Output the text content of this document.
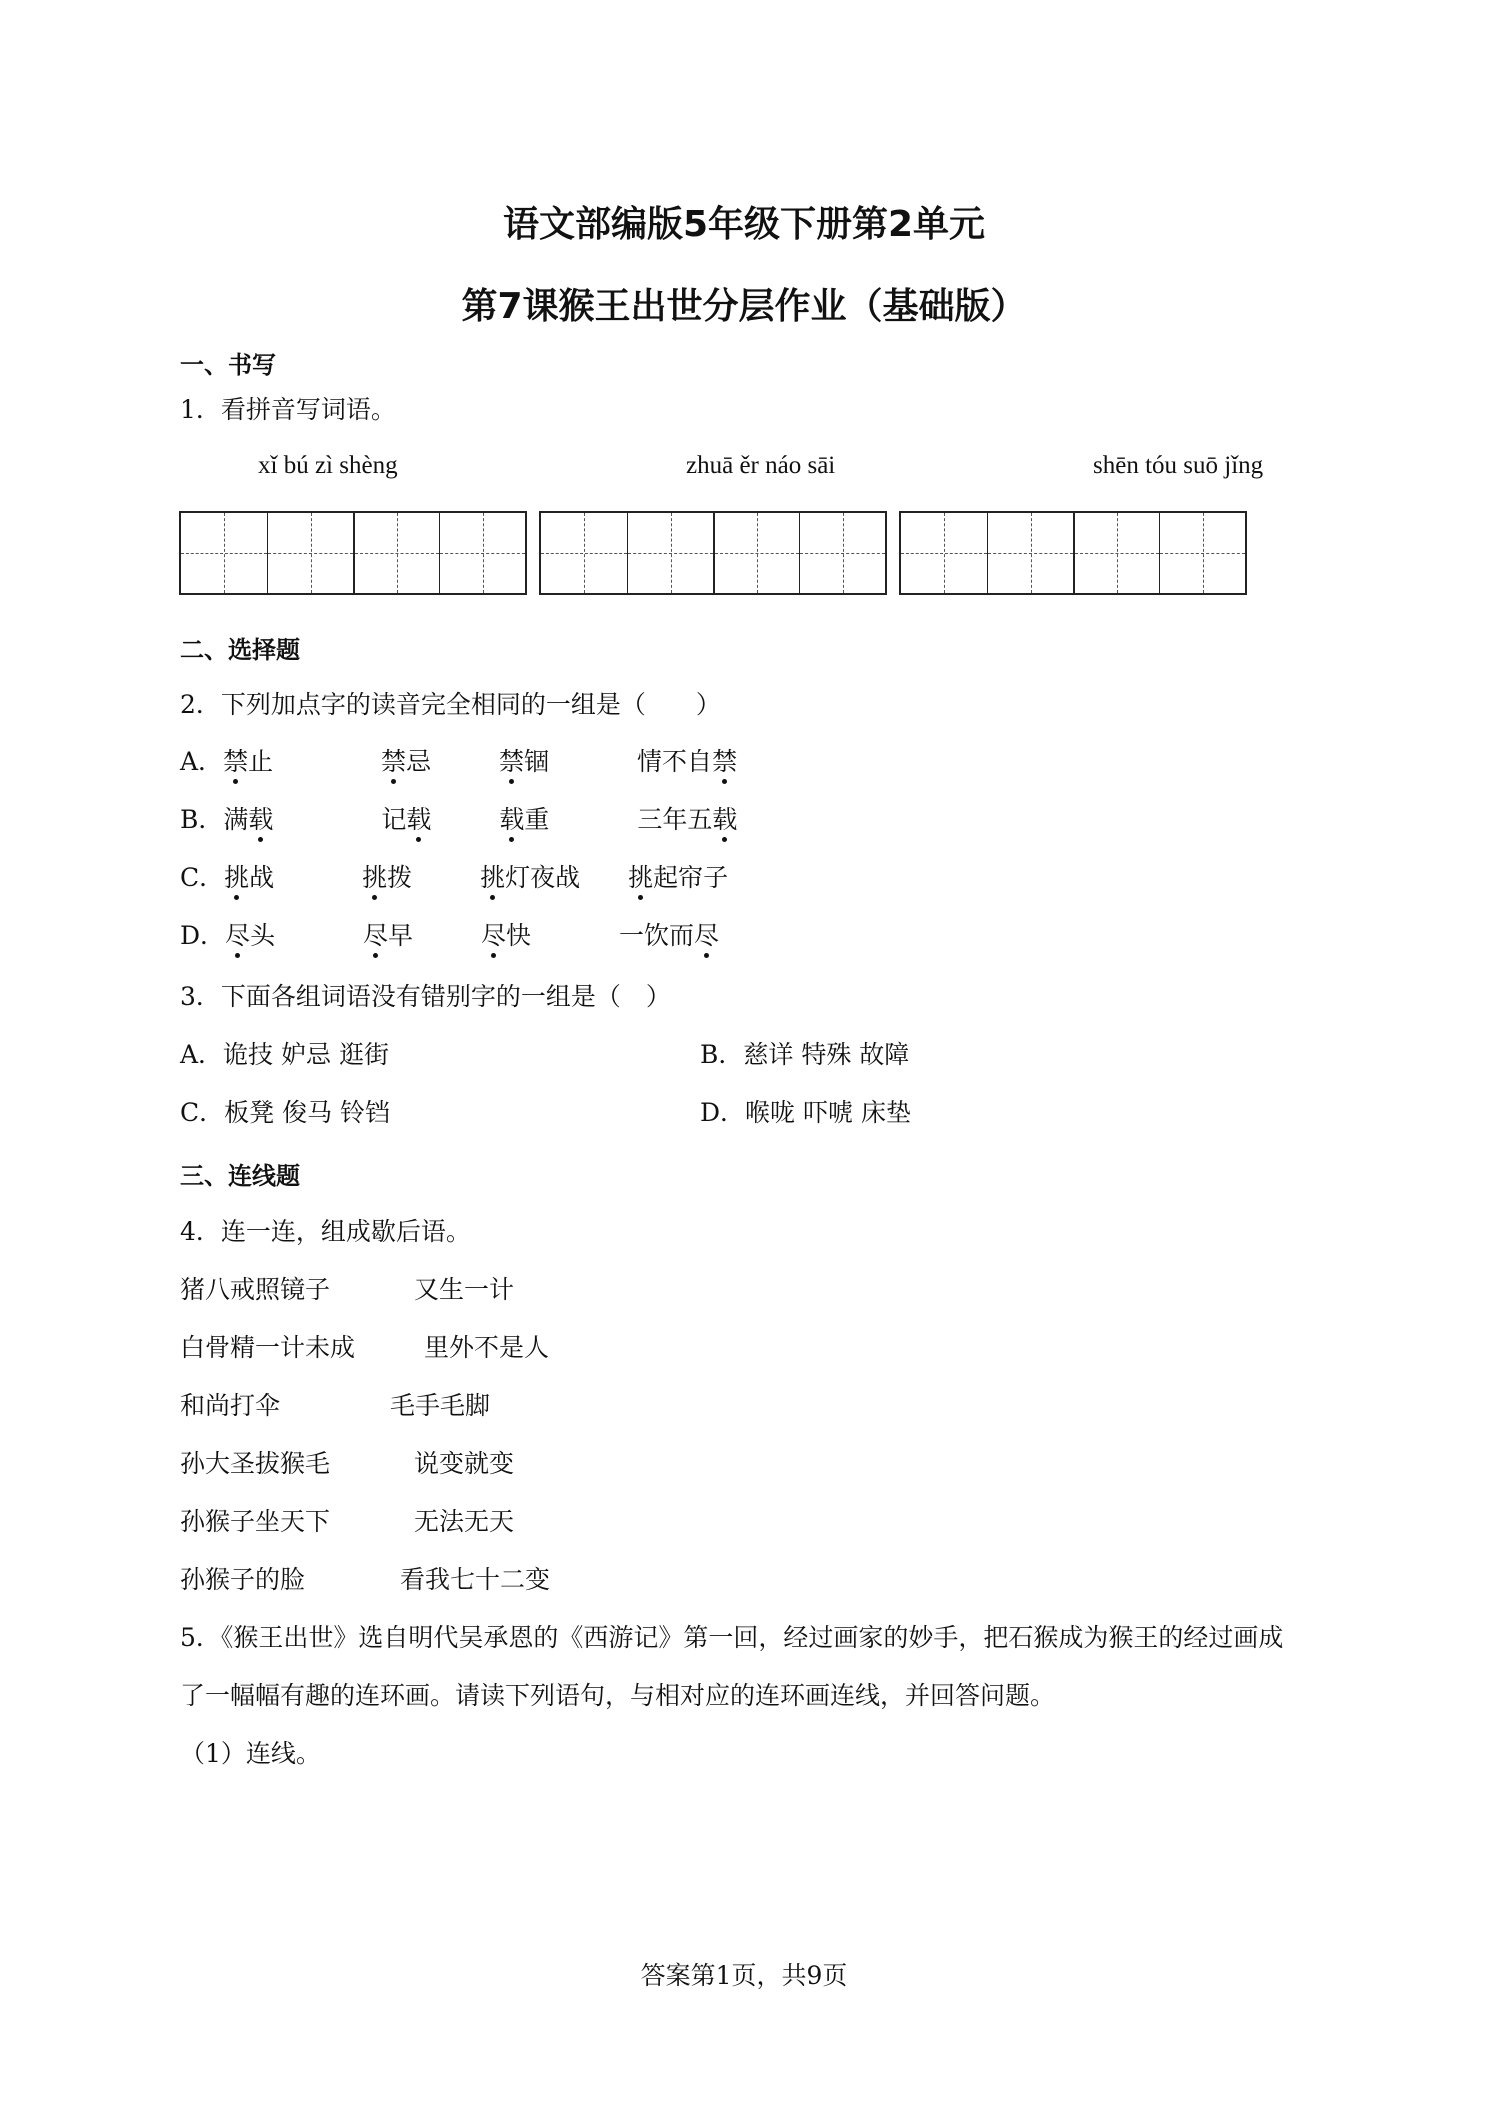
语文部编版5年级下册第2单元
第7课猴王出世分层作业（基础版）
一、书写
1．看拼音写词语。
xǐ bú zì shèng	zhuā ěr náo sāi	shēn tóu suō jǐng
二、选择题
2．下列加点字的读音完全相同的一组是（　　）
A．禁止	禁忌	禁锢	情不自禁
B．满载	记载	载重	三年五载
C．挑战	挑拨	挑灯夜战 挑起帘子
D．尽头	尽早	尽快	一饮而尽
3．下面各组词语没有错别字的一组是（　）
A．诡技 妒忌 逛街	B．慈详 特殊 故障
C．板凳 俊马 铃铛	D．喉咙 吓唬 床垫
三、连线题
4．连一连，组成歇后语。
猪八戒照镜子	又生一计
白骨精一计未成	里外不是人
和尚打伞	毛手毛脚
孙大圣拔猴毛	说变就变
孙猴子坐天下	无法无天
孙猴子的脸	看我七十二变
5．《猴王出世》选自明代吴承恩的《西游记》第一回，经过画家的妙手，把石猴成为猴王的经过画成
了一幅幅有趣的连环画。请读下列语句，与相对应的连环画连线，并回答问题。
（1）连线。
答案第1页，共9页
